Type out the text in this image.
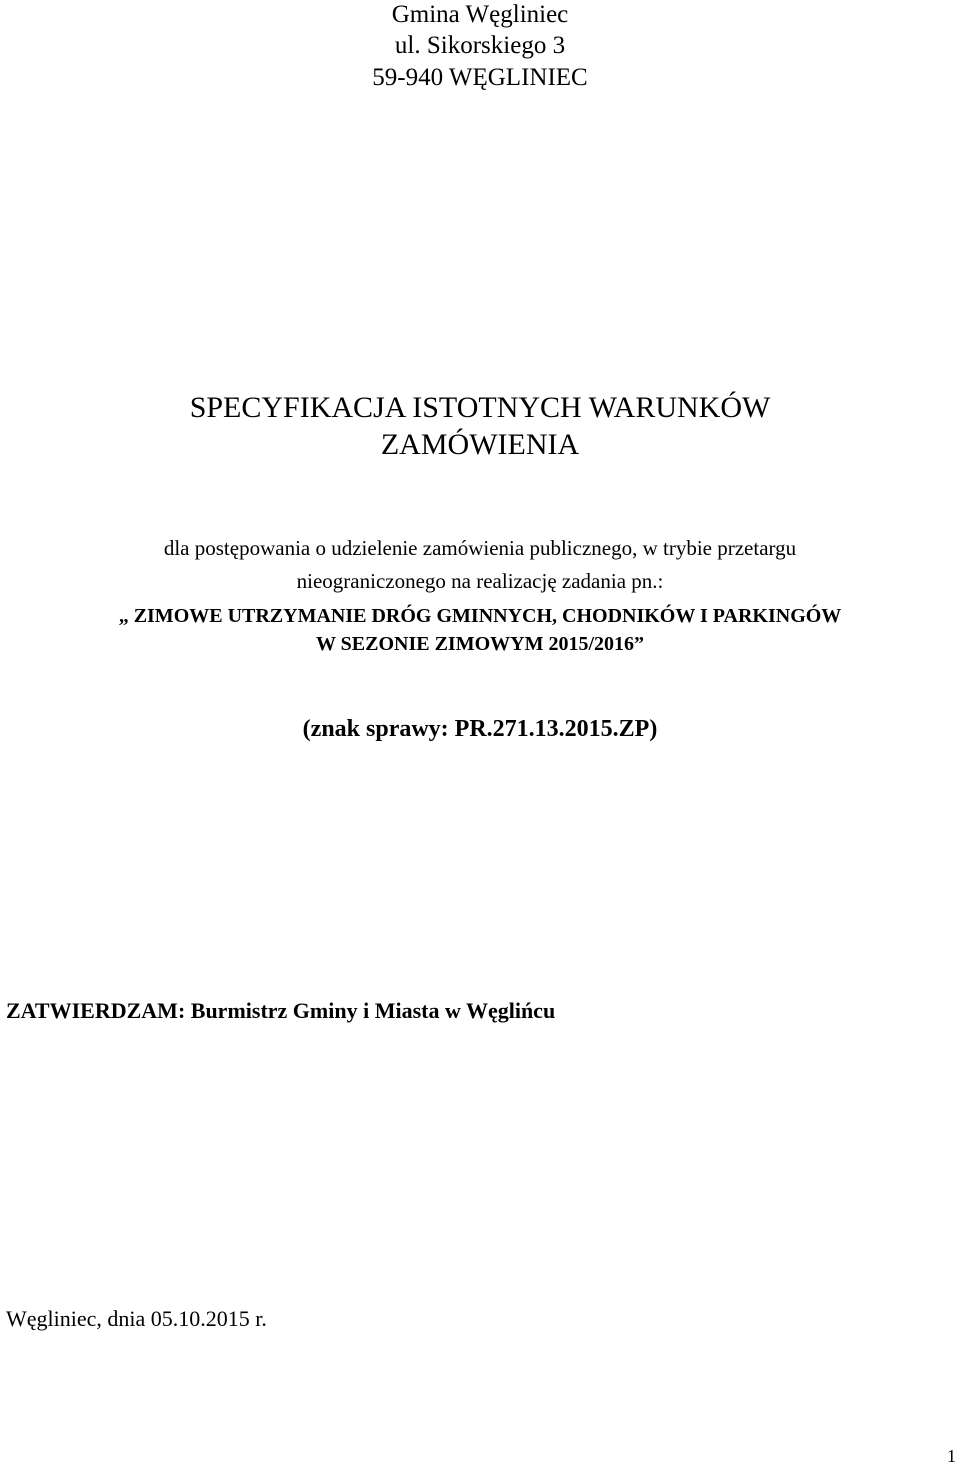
Gmina Węgliniec
ul. Sikorskiego 3
59-940 WĘGLINIEC
SPECYFIKACJA ISTOTNYCH WARUNKÓW
ZAMÓWIENIA
dla postępowania o udzielenie zamówienia publicznego, w trybie przetargu
nieograniczonego na realizację zadania pn.:
„ ZIMOWE UTRZYMANIE DRÓG GMINNYCH, CHODNIKÓW I PARKINGÓW
W SEZONIE ZIMOWYM 2015/2016”
(znak sprawy: PR.271.13.2015.ZP)
ZATWIERDZAM: Burmistrz Gminy i Miasta w Węglińcu
Węgliniec, dnia 05.10.2015 r.
1
